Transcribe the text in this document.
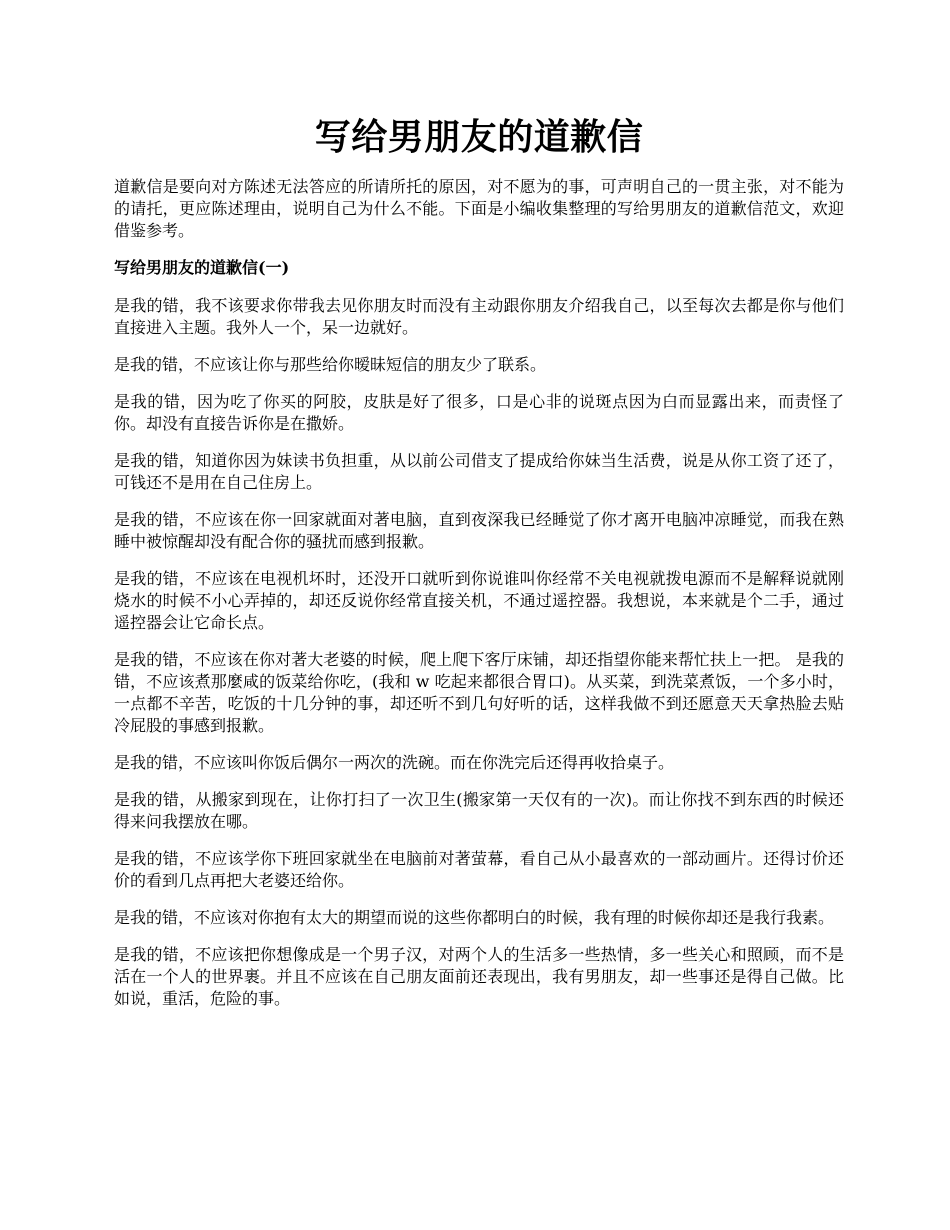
写给男朋友的道歉信

道歉信是要向对方陈述无法答应的所请所托的原因，对不愿为的事，可声明自己的一贯主张，对不能为的请托，更应陈述理由，说明自己为什么不能。下面是小编收集整理的写给男朋友的道歉信范文，欢迎借鉴参考。

写给男朋友的道歉信(一)

是我的错，我不该要求你带我去见你朋友时而没有主动跟你朋友介绍我自己，以至每次去都是你与他们直接进入主题。我外人一个，呆一边就好。

是我的错，不应该让你与那些给你暧昧短信的朋友少了联系。

是我的错，因为吃了你买的阿胶，皮肤是好了很多，口是心非的说斑点因为白而显露出来，而责怪了你。却没有直接告诉你是在撒娇。

是我的错，知道你因为妹读书负担重，从以前公司借支了提成给你妹当生活费，说是从你工资了还了，可钱还不是用在自己住房上。

是我的错，不应该在你一回家就面对著电脑，直到夜深我已经睡觉了你才离开电脑冲凉睡觉，而我在熟睡中被惊醒却没有配合你的骚扰而感到报歉。

是我的错，不应该在电视机坏时，还没开口就听到你说谁叫你经常不关电视就拨电源而不是解释说就刚烧水的时候不小心弄掉的，却还反说你经常直接关机，不通过遥控器。我想说，本来就是个二手，通过遥控器会让它命长点。

是我的错，不应该在你对著大老婆的时候，爬上爬下客厅床铺，却还指望你能来帮忙扶上一把。 是我的错，不应该煮那麼咸的饭菜给你吃，(我和 w 吃起来都很合胃口)。从买菜，到洗菜煮饭，一个多小时，一点都不辛苦，吃饭的十几分钟的事，却还听不到几句好听的话，这样我做不到还愿意天天拿热脸去贴冷屁股的事感到报歉。

是我的错，不应该叫你饭后偶尔一两次的洗碗。而在你洗完后还得再收拾桌子。

是我的错，从搬家到现在，让你打扫了一次卫生(搬家第一天仅有的一次)。而让你找不到东西的时候还得来问我摆放在哪。

是我的错，不应该学你下班回家就坐在电脑前对著萤幕，看自己从小最喜欢的一部动画片。还得讨价还价的看到几点再把大老婆还给你。

是我的错，不应该对你抱有太大的期望而说的这些你都明白的时候，我有理的时候你却还是我行我素。

是我的错，不应该把你想像成是一个男子汉，对两个人的生活多一些热情，多一些关心和照顾，而不是活在一个人的世界裹。并且不应该在自己朋友面前还表现出，我有男朋友，却一些事还是得自己做。比如说，重活，危险的事。
